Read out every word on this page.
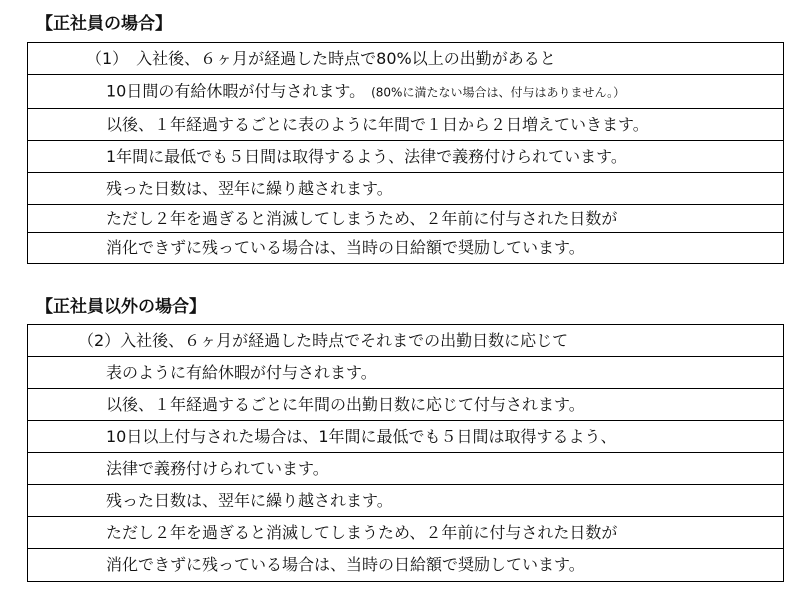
【正社員の場合】
（1）　入社後、６ヶ月が経過した時点で80%以上の出勤があると
10日間の有給休暇が付与されます。 (80%に満たない場合は、付与はありません。）
以後、１年経過するごとに表のように年間で１日から２日増えていきます。
1年間に最低でも５日間は取得するよう、法律で義務付けられています。
残った日数は、翌年に繰り越されます。
ただし２年を過ぎると消滅してしまうため、２年前に付与された日数が
消化できずに残っている場合は、当時の日給額で奨励しています。
【正社員以外の場合】
（2）入社後、６ヶ月が経過した時点でそれまでの出勤日数に応じて
表のように有給休暇が付与されます。
以後、１年経過するごとに年間の出勤日数に応じて付与されます。
10日以上付与された場合は、1年間に最低でも５日間は取得するよう、
法律で義務付けられています。
残った日数は、翌年に繰り越されます。
ただし２年を過ぎると消滅してしまうため、２年前に付与された日数が
消化できずに残っている場合は、当時の日給額で奨励しています。
